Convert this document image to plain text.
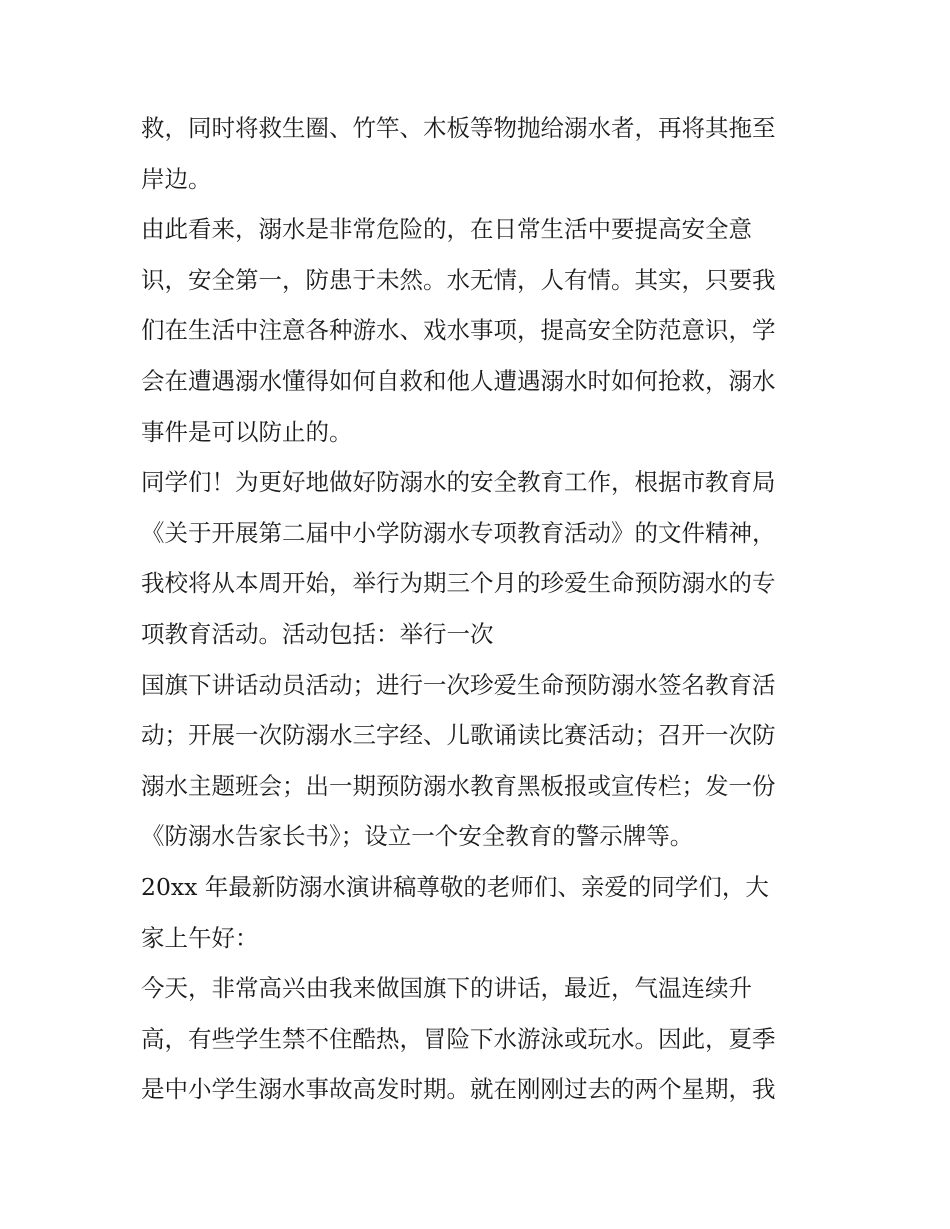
救，同时将救生圈、竹竿、木板等物抛给溺水者，再将其拖至
岸边。
由此看来，溺水是非常危险的，在日常生活中要提高安全意
识，安全第一，防患于未然。水无情，人有情。其实，只要我
们在生活中注意各种游水、戏水事项，提高安全防范意识，学
会在遭遇溺水懂得如何自救和他人遭遇溺水时如何抢救，溺水
事件是可以防止的。
同学们！为更好地做好防溺水的安全教育工作，根据市教育局
《关于开展第二届中小学防溺水专项教育活动》的文件精神，
我校将从本周开始，举行为期三个月的珍爱生命预防溺水的专
项教育活动。活动包括：举行一次
国旗下讲话动员活动；进行一次珍爱生命预防溺水签名教育活
动；开展一次防溺水三字经、儿歌诵读比赛活动；召开一次防
溺水主题班会；出一期预防溺水教育黑板报或宣传栏；发一份
《防溺水告家长书》；设立一个安全教育的警示牌等。
20xx 年最新防溺水演讲稿尊敬的老师们、亲爱的同学们，大
家上午好：
今天，非常高兴由我来做国旗下的讲话，最近，气温连续升
高，有些学生禁不住酷热，冒险下水游泳或玩水。因此，夏季
是中小学生溺水事故高发时期。就在刚刚过去的两个星期，我
